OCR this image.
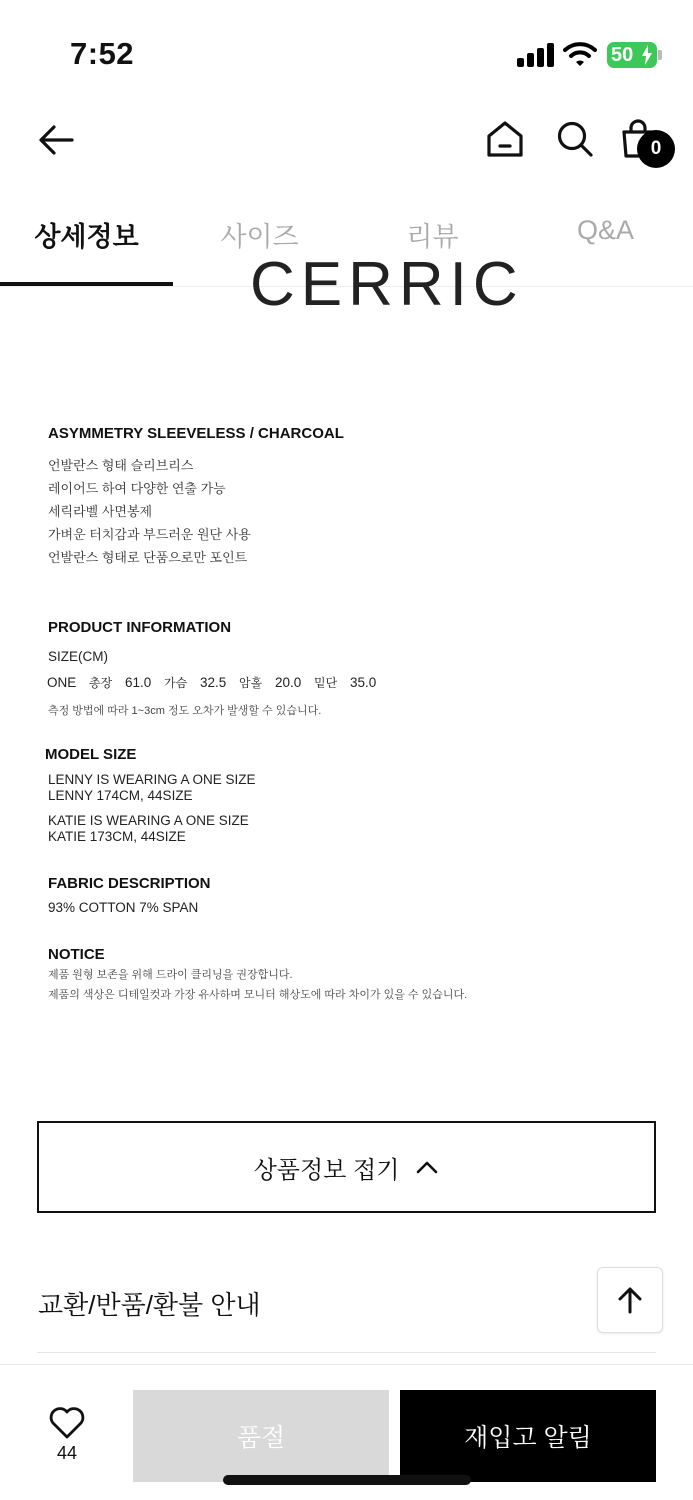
7:52	50
0
상세정보	사이즈	리뷰	Q&A
CERRIC
ASYMMETRY SLEEVELESS / CHARCOAL
언발란스 형태 슬리브리스
레이어드 하여 다양한 연출 가능
세릭라벨 사면봉제
가벼운 터치감과 부드러운 원단 사용
언발란스 형태로 단품으로만 포인트
PRODUCT INFORMATION
SIZE(CM)
ONE 총장 61.0 가슴 32.5 암홀 20.0 밑단 35.0
측정 방법에 따라 1~3cm 정도 오차가 발생할 수 있습니다.
MODEL SIZE
LENNY IS WEARING A ONE SIZE
LENNY 174CM, 44SIZE
KATIE IS WEARING A ONE SIZE
KATIE 173CM, 44SIZE
FABRIC DESCRIPTION
93% COTTON 7% SPAN
NOTICE
제품 원형 보존을 위해 드라이 클리닝을 권장합니다.
제품의 색상은 디테일컷과 가장 유사하며 모니터 해상도에 따라 차이가 있을 수 있습니다.
상품정보 접기
교환/반품/환불 안내
44
품절	재입고 알림
